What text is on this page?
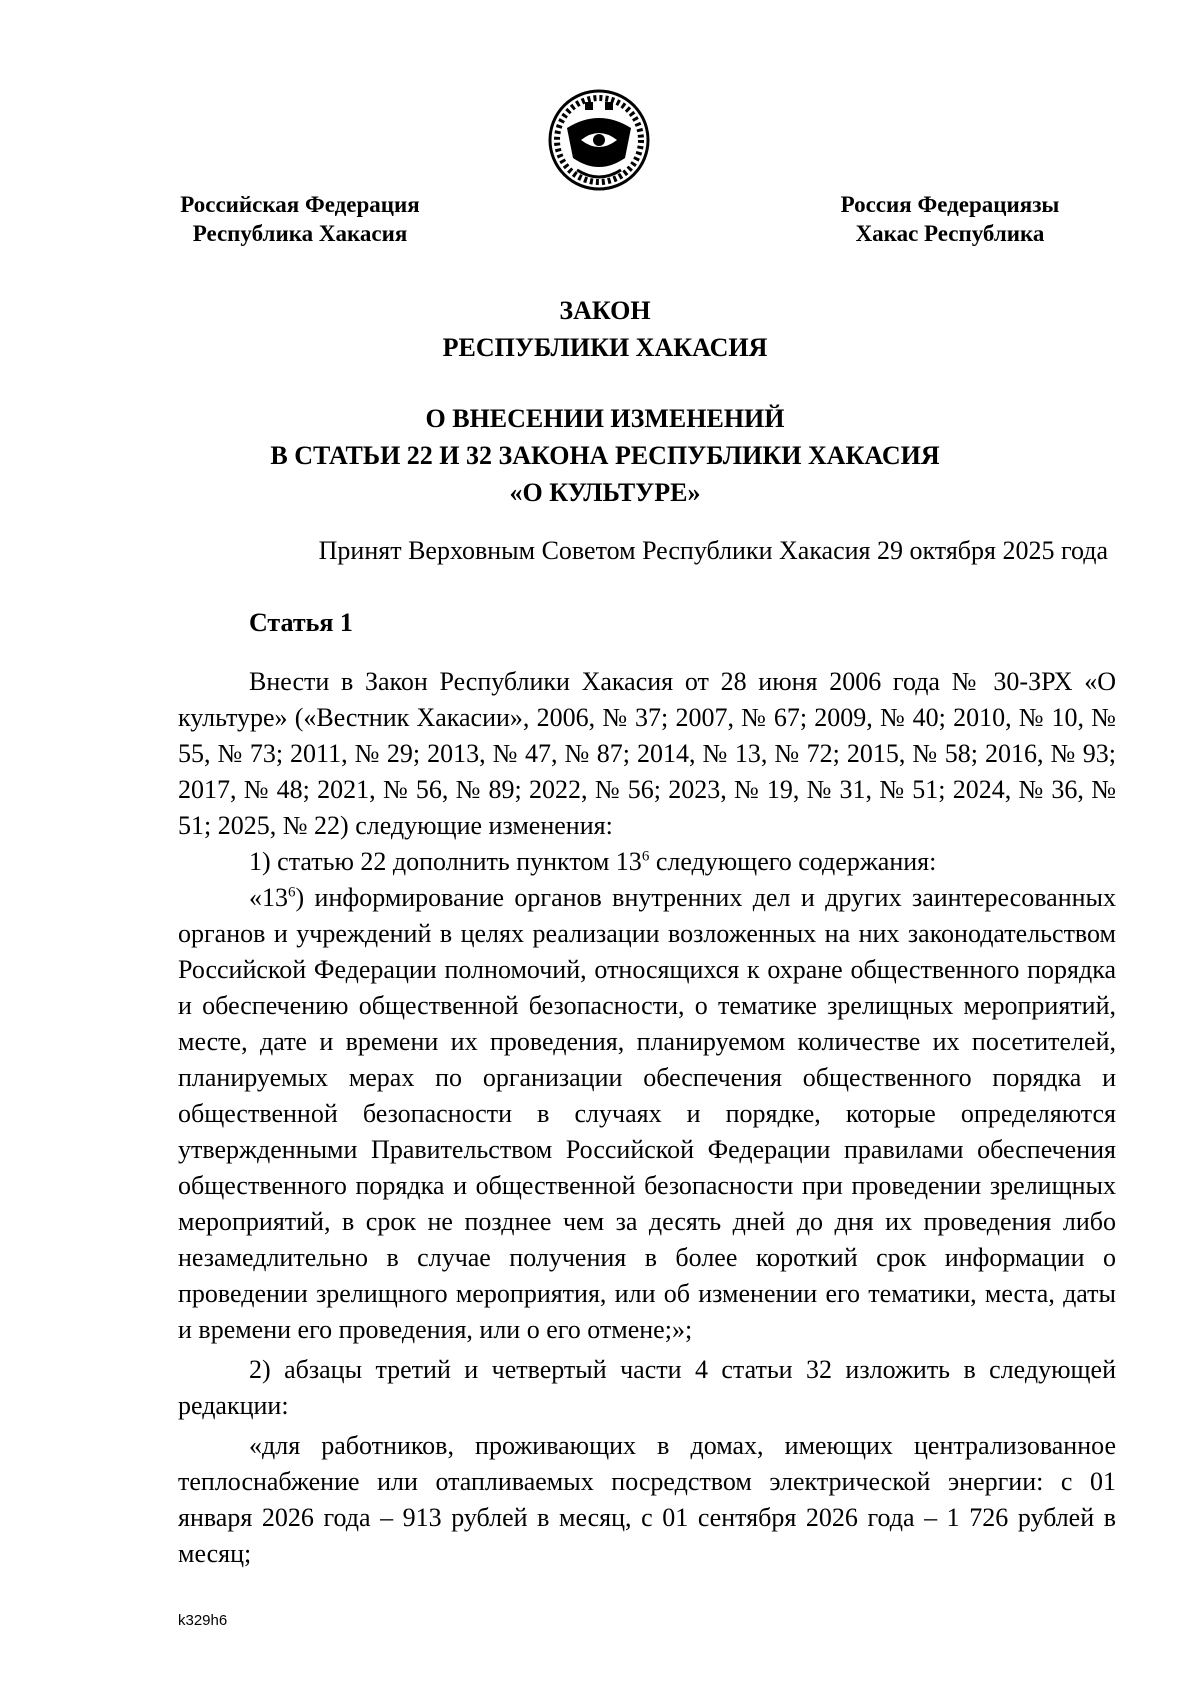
Российская Федерация
Республика Хакасия
Россия Федерациязы
Хакас Республика
ЗАКОН
РЕСПУБЛИКИ ХАКАСИЯ
О ВНЕСЕНИИ ИЗМЕНЕНИЙ
В СТАТЬИ 22 И 32 ЗАКОНА РЕСПУБЛИКИ ХАКАСИЯ
«О КУЛЬТУРЕ»
Принят Верховным Советом Республики Хакасия 29 октября 2025 года
Статья 1

Внести в Закон Республики Хакасия от 28 июня 2006 года № 30-ЗРХ «О культуре» («Вестник Хакасии», 2006, № 37; 2007, № 67; 2009, № 40; 2010, № 10, № 55, № 73; 2011, № 29; 2013, № 47, № 87; 2014, № 13, № 72; 2015, № 58; 2016, № 93; 2017, № 48; 2021, № 56, № 89; 2022, № 56; 2023, № 19, № 31, № 51; 2024, № 36, № 51; 2025, № 22) следующие изменения:

1) статью 22 дополнить пунктом $13^6$ следующего содержания:

«$13^6$) информирование органов внутренних дел и других заинтересованных органов и учреждений в целях реализации возложенных на них законодательством Российской Федерации полномочий, относящихся к охране общественного порядка и обеспечению общественной безопасности, о тематике зрелищных мероприятий, месте, дате и времени их проведения, планируемом количестве их посетителей, планируемых мерах по организации обеспечения общественного порядка и общественной безопасности в случаях и порядке, которые определяются утвержденными Правительством Российской Федерации правилами обеспечения общественного порядка и общественной безопасности при проведении зрелищных мероприятий, в срок не позднее чем за десять дней до дня их проведения либо незамедлительно в случае получения в более короткий срок информации о проведении зрелищного мероприятия, или об изменении его тематики, места, даты и времени его проведения, или о его отмене;»;

2) абзацы третий и четвертый части 4 статьи 32 изложить в следующей редакции:

«для работников, проживающих в домах, имеющих централизованное теплоснабжение или отапливаемых посредством электрической энергии: с 01 января 2026 года – 913 рублей в месяц, с 01 сентября 2026 года – 1 726 рублей в месяц;

k329h6
